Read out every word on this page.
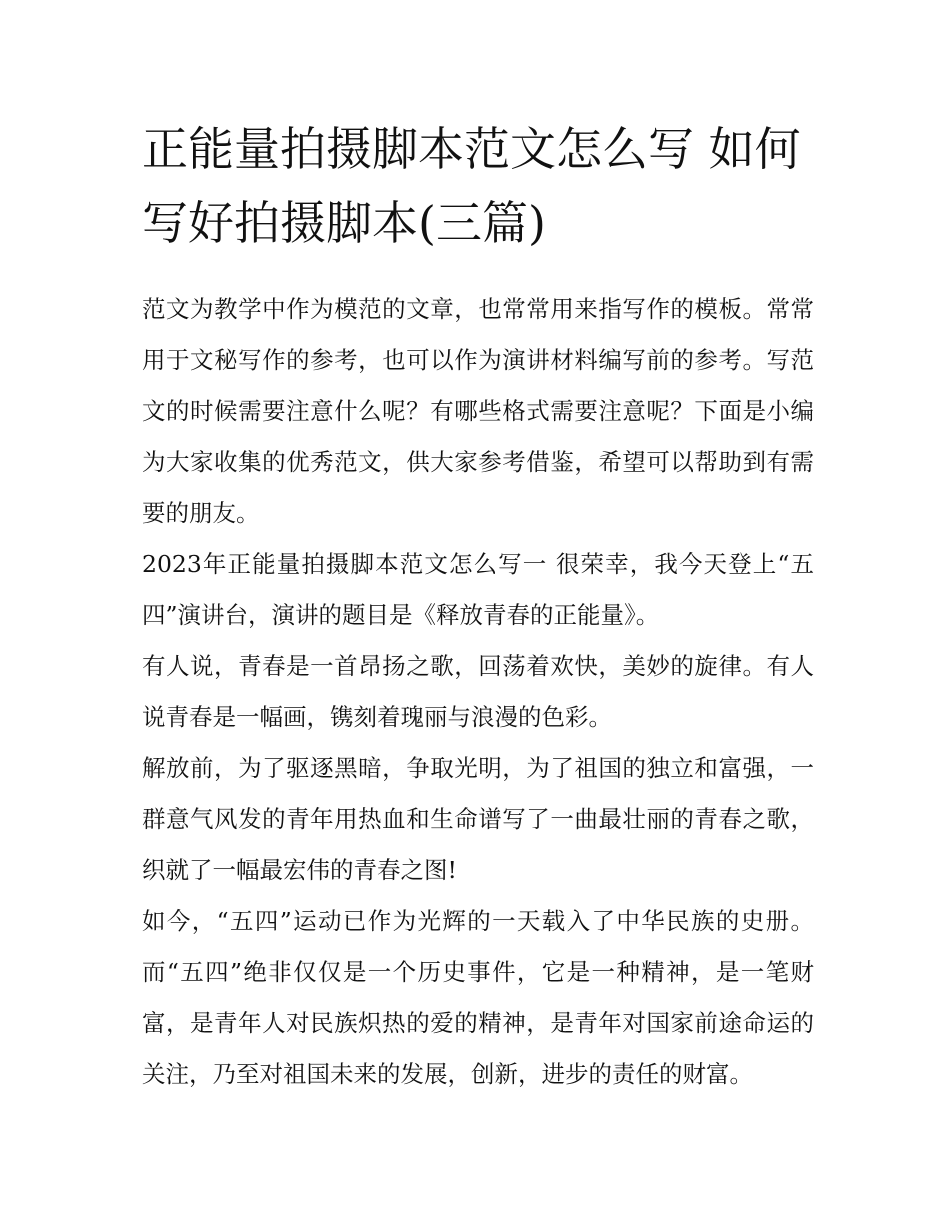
正能量拍摄脚本范文怎么写 如何写好拍摄脚本(三篇)

范文为教学中作为模范的文章，也常常用来指写作的模板。常常用于文秘写作的参考，也可以作为演讲材料编写前的参考。写范文的时候需要注意什么呢？有哪些格式需要注意呢？下面是小编为大家收集的优秀范文，供大家参考借鉴，希望可以帮助到有需要的朋友。

2023年正能量拍摄脚本范文怎么写一 很荣幸，我今天登上“五四”演讲台，演讲的题目是《释放青春的正能量》。

有人说，青春是一首昂扬之歌，回荡着欢快，美妙的旋律。有人说青春是一幅画，镌刻着瑰丽与浪漫的色彩。

解放前，为了驱逐黑暗，争取光明，为了祖国的独立和富强，一群意气风发的青年用热血和生命谱写了一曲最壮丽的青春之歌，织就了一幅最宏伟的青春之图!

如今，“五四”运动已作为光辉的一天载入了中华民族的史册。而“五四”绝非仅仅是一个历史事件，它是一种精神，是一笔财富，是青年人对民族炽热的爱的精神，是青年对国家前途命运的关注，乃至对祖国未来的发展，创新，进步的责任的财富。
